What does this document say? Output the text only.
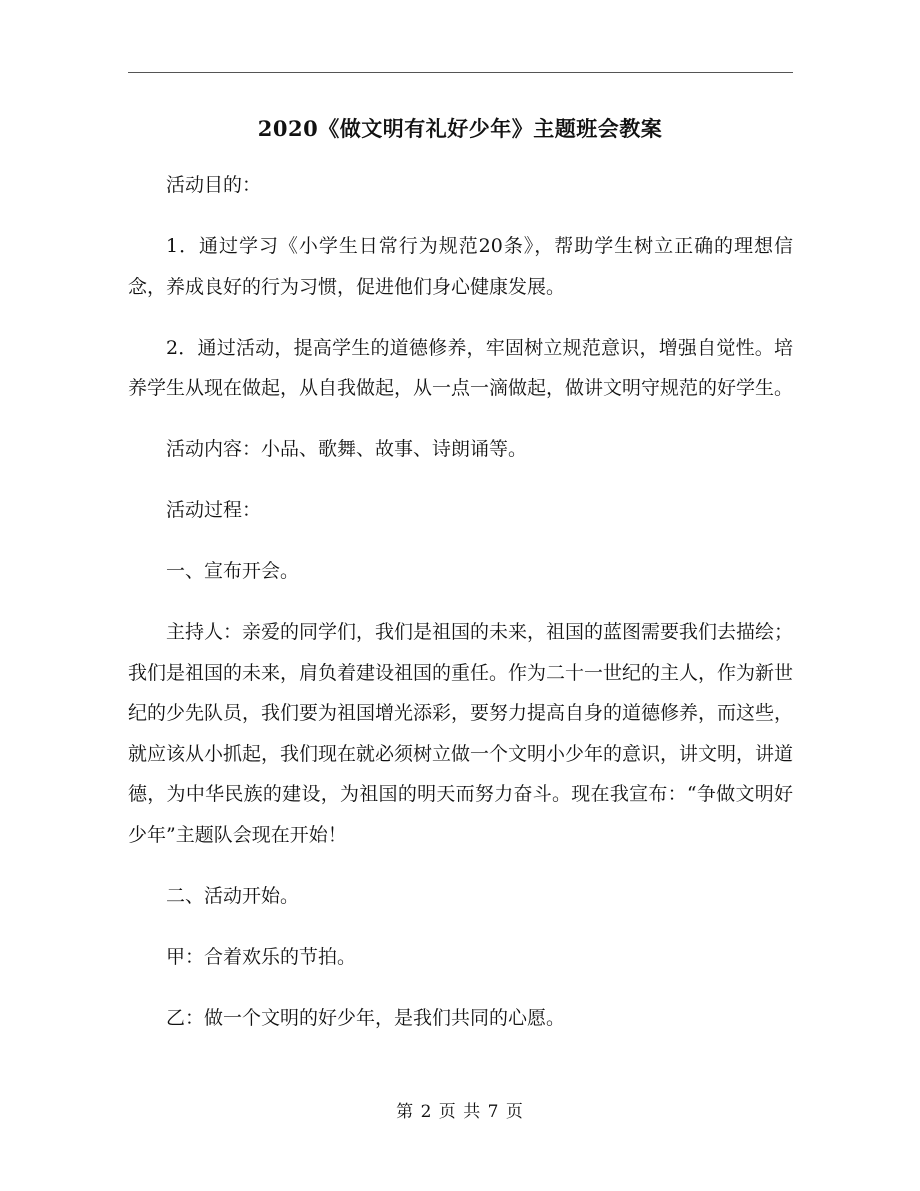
2020《做文明有礼好少年》主题班会教案

活动目的：

1．通过学习《小学生日常行为规范20条》，帮助学生树立正确的理想信念，养成良好的行为习惯，促进他们身心健康发展。

2．通过活动，提高学生的道德修养，牢固树立规范意识，增强自觉性。培养学生从现在做起，从自我做起，从一点一滴做起，做讲文明守规范的好学生。

活动内容：小品、歌舞、故事、诗朗诵等。

活动过程：

一、宣布开会。

主持人：亲爱的同学们，我们是祖国的未来，祖国的蓝图需要我们去描绘；我们是祖国的未来，肩负着建设祖国的重任。作为二十一世纪的主人，作为新世纪的少先队员，我们要为祖国增光添彩，要努力提高自身的道德修养，而这些，就应该从小抓起，我们现在就必须树立做一个文明小少年的意识，讲文明，讲道德，为中华民族的建设，为祖国的明天而努力奋斗。现在我宣布：“争做文明好少年”主题队会现在开始！

二、活动开始。

甲：合着欢乐的节拍。

乙：做一个文明的好少年，是我们共同的心愿。

第 2 页 共 7 页
